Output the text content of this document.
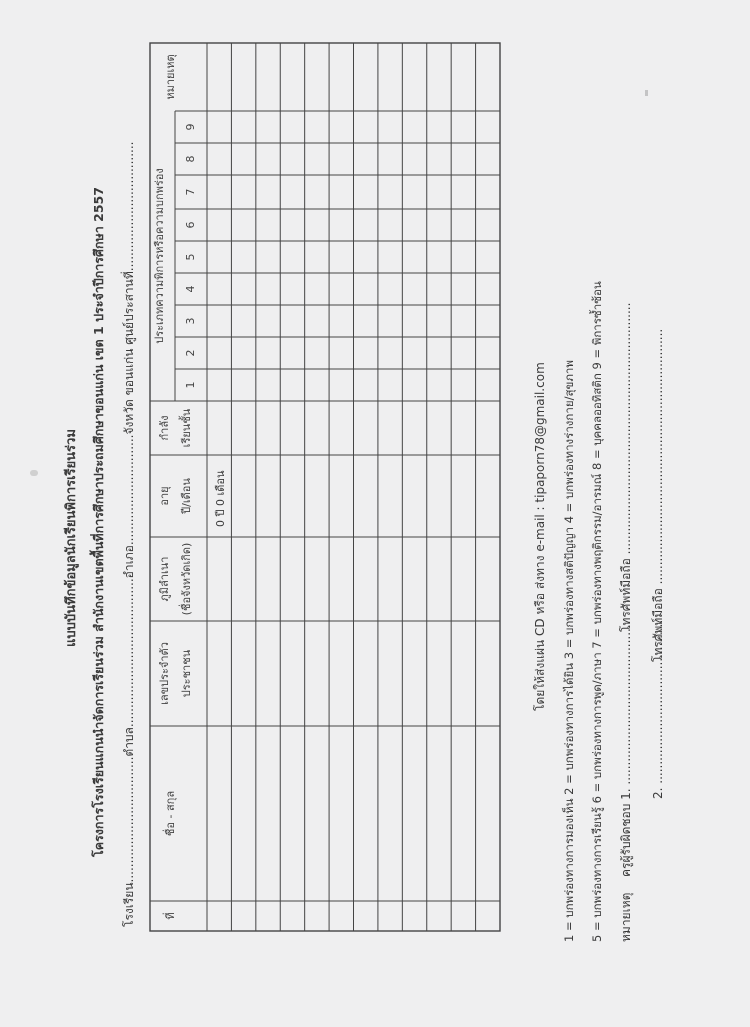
แบบบันทึกข้อมูลนักเรียนพิการเรียนร่วม โครงการโรงเรียนแกนนำจัดการเรียนร่วม สำนักงานเขตพื้นที่การศึกษาประถมศึกษาขอนแก่น เขต 1 ประจำปีการศึกษา 2557 โรงเรียน.................................ตำบล.......................................อำเภอ.............................จังหวัด ขอนแก่น ศูนย์ประสานที่..................................	ที่
ชื่อ - สกุล
เลขประจำตัว ประชาชน
ภูมิลำเนา (ชื่อจังหวัดเกิด)
อายุ ปี/เดือน
กำลัง เรียนชั้น
ประเภทความพิการหรือความบกพร่อง
หมายเหตุ
1
2
3
4
5
6
7
8
9
0 ปี 0 เดือน	โดยให้ส่งแผ่น CD หรือ ส่งทาง e-mail : tipaporn78@gmail.com 1 = บกพร่องทางการมองเห็น 2 = บกพร่องทางการได้ยิน 3 = บกพร่องทางสติปัญญา 4 = บกพร่องทางร่างกาย/สุขภาพ 5 = บกพร่องทางการเรียนรู้ 6 = บกพร่องทางการพูด/ภาษา 7 = บกพร่องทางพฤติกรรม/อารมณ์ 8 = บุคคลออทิสติก 9 = พิการซ้ำซ้อน หมายเหตุ
ครูผู้รับผิดชอบ 1. ...........................................
โทรศัพท์มือถือ ..................................................................
2. ...........................................
โทรศัพท์มือถือ ...................................................................
